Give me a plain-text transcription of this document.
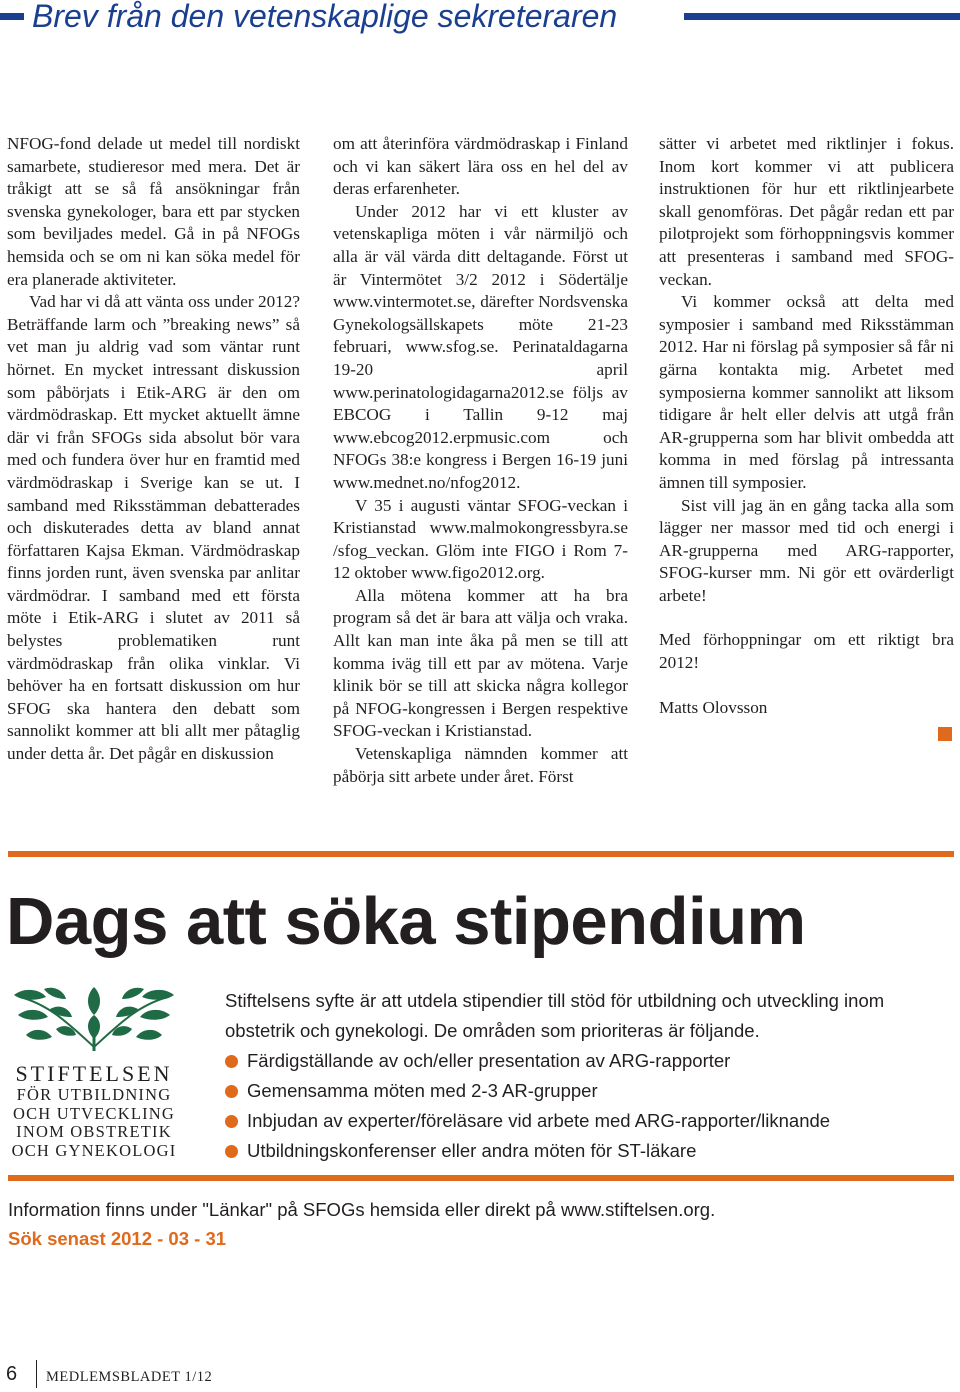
Brev från den vetenskaplige sekreteraren

NFOG-fond delade ut medel till nordiskt samarbete, studieresor med mera. Det är tråkigt att se så få ansökningar från svenska gynekologer, bara ett par stycken som beviljades medel. Gå in på NFOGs hemsida och se om ni kan söka medel för era planerade aktiviteter.

Vad har vi då att vänta oss under 2012? Beträffande larm och ”breaking news” så vet man ju aldrig vad som väntar runt hörnet. En mycket intressant diskussion som påbörjats i Etik-ARG är den om värdmödraskap. Ett mycket aktuellt ämne där vi från SFOGs sida absolut bör vara med och fundera över hur en framtid med värdmödraskap i Sverige kan se ut. I samband med Riksstämman debatterades och diskuterades detta av bland annat författaren Kajsa Ekman. Värdmödraskap finns jorden runt, även svenska par anlitar värdmödrar. I samband med ett första möte i Etik-ARG i slutet av 2011 så belystes problematiken runt värdmödraskap från olika vinklar. Vi behöver ha en fortsatt diskussion om hur SFOG ska hantera den debatt som sannolikt kommer att bli allt mer påtaglig under detta år. Det pågår en diskussion

om att återinföra värdmödraskap i Finland och vi kan säkert lära oss en hel del av deras erfarenheter.

Under 2012 har vi ett kluster av vetenskapliga möten i vår närmiljö och alla är väl värda ditt deltagande. Först ut är Vintermötet 3/2 2012 i Södertälje www.vintermotet.se, därefter Nordsvenska Gynekologsällskapets möte 21-23 februari, www.sfog.se. Perinataldagarna 19-20 april www.perinatologidagarna2012.se följs av EBCOG i Tallin 9-12 maj www.ebcog2012.erpmusic.com och NFOGs 38:e kongress i Bergen 16-19 juni www.mednet.no/nfog2012.

V 35 i augusti väntar SFOG-veckan i Kristianstad www.malmokongressbyra.se /sfog_veckan. Glöm inte FIGO i Rom 7-12 oktober www.figo2012.org.

Alla mötena kommer att ha bra program så det är bara att välja och vraka. Allt kan man inte åka på men se till att komma iväg till ett par av mötena. Varje klinik bör se till att skicka några kollegor på NFOG-kongressen i Bergen respektive SFOG-veckan i Kristianstad.

Vetenskapliga nämnden kommer att påbörja sitt arbete under året. Först

sätter vi arbetet med riktlinjer i fokus. Inom kort kommer vi att publicera instruktionen för hur ett riktlinjearbete skall genomföras. Det pågår redan ett par pilotprojekt som förhoppningsvis kommer att presenteras i samband med SFOG-veckan.

Vi kommer också att delta med symposier i samband med Riksstämman 2012. Har ni förslag på symposier så får ni gärna kontakta mig. Arbetet med symposierna kommer sannolikt att liksom tidigare år helt eller delvis att utgå från AR-grupperna som har blivit ombedda att komma in med förslag på intressanta ämnen till symposier.

Sist vill jag än en gång tacka alla som lägger ner massor med tid och energi i AR-grupperna med ARG-rapporter, SFOG-kurser mm. Ni gör ett ovärderligt arbete!

Med förhoppningar om ett riktigt bra 2012!

Matts Olovsson

Dags att söka stipendium
STIFTELSEN
FÖR UTBILDNING
OCH UTVECKLING
INOM OBSTRETIK
OCH GYNEKOLOGI

Stiftelsens syfte är att utdela stipendier till stöd för utbildning och utveckling inom obstetrik och gynekologi. De områden som prioriteras är följande.

Färdigställande av och/eller presentation av ARG-rapporter
Gemensamma möten med 2-3 AR-grupper
Inbjudan av experter/föreläsare vid arbete med ARG-rapporter/liknande
Utbildningskonferenser eller andra möten för ST-läkare
Information finns under "Länkar" på SFOGs hemsida eller direkt på www.stiftelsen.org.
Sök senast 2012 - 03 - 31
6 MEDLEMSBLADET 1/12
